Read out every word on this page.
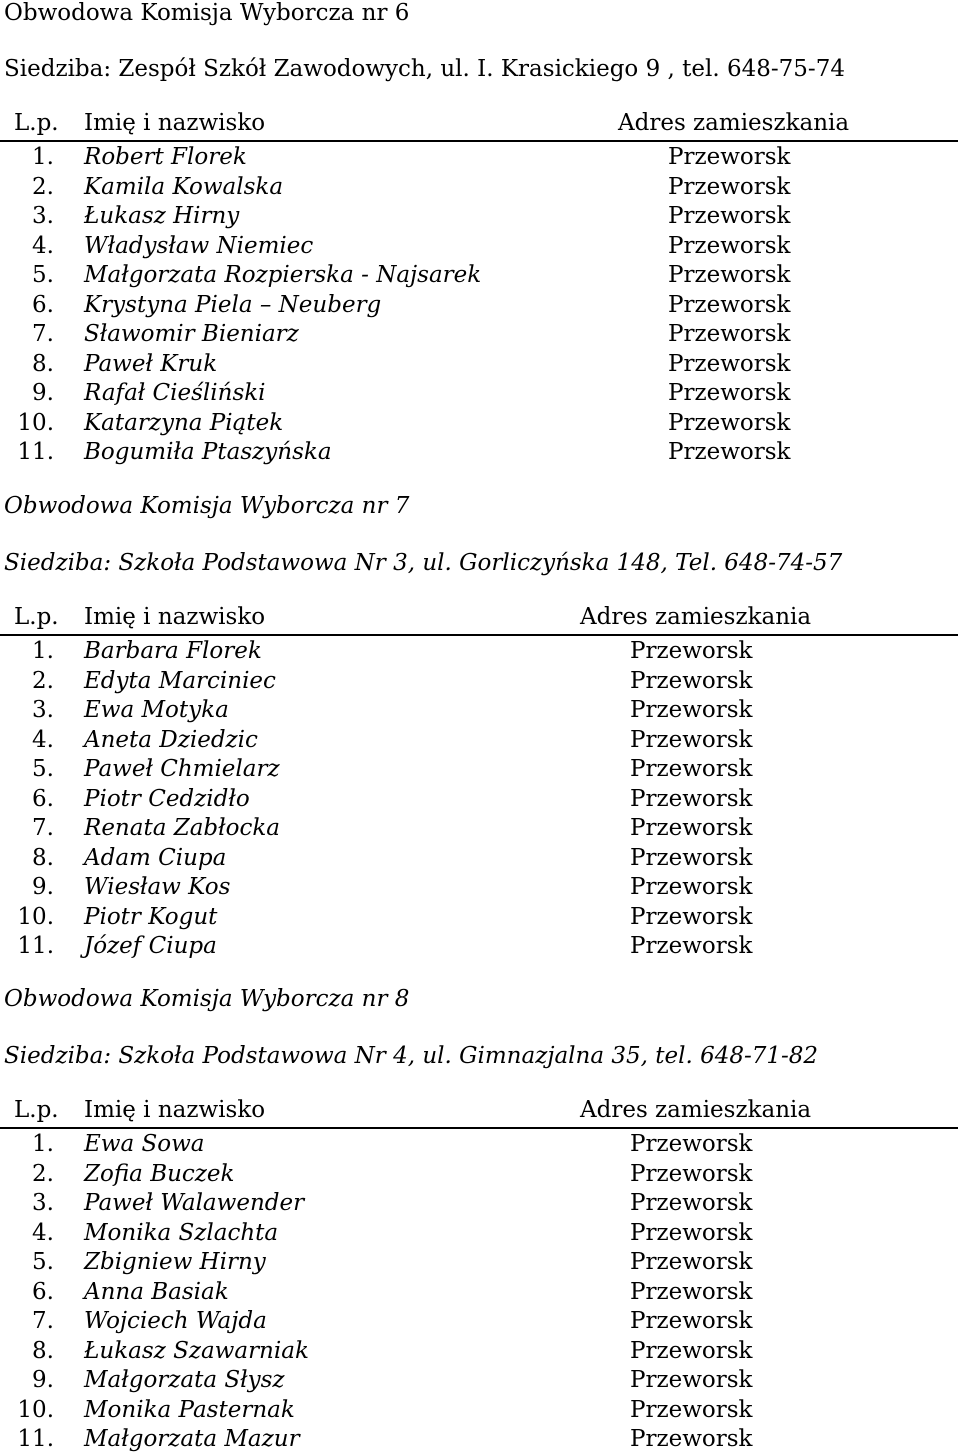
Obwodowa Komisja Wyborcza nr 6
Siedziba: Zespół Szkół Zawodowych, ul. I. Krasickiego 9 , tel. 648-75-74
L.p. Imię i nazwisko	Adres zamieszkania
1. Robert Florek	Przeworsk
2. Kamila Kowalska	Przeworsk
3. Łukasz Hirny	Przeworsk
4. Władysław Niemiec	Przeworsk
5. Małgorzata Rozpierska - Najsarek	Przeworsk
6. Krystyna Piela – Neuberg	Przeworsk
7. Sławomir Bieniarz	Przeworsk
8. Paweł Kruk	Przeworsk
9. Rafał Cieśliński	Przeworsk
10. Katarzyna Piątek	Przeworsk
11. Bogumiła Ptaszyńska	Przeworsk
Obwodowa Komisja Wyborcza nr 7
Siedziba: Szkoła Podstawowa Nr 3, ul. Gorliczyńska 148, Tel. 648-74-57
L.p. Imię i nazwisko	Adres zamieszkania
1. Barbara Florek	Przeworsk
2. Edyta Marciniec	Przeworsk
3. Ewa Motyka	Przeworsk
4. Aneta Dziedzic	Przeworsk
5. Paweł Chmielarz	Przeworsk
6. Piotr Cedzidło	Przeworsk
7. Renata Zabłocka	Przeworsk
8. Adam Ciupa	Przeworsk
9. Wiesław Kos	Przeworsk
10. Piotr Kogut	Przeworsk
11. Józef Ciupa	Przeworsk
Obwodowa Komisja Wyborcza nr 8
Siedziba: Szkoła Podstawowa Nr 4, ul. Gimnazjalna 35, tel. 648-71-82
L.p. Imię i nazwisko	Adres zamieszkania
1. Ewa Sowa	Przeworsk
2. Zofia Buczek	Przeworsk
3. Paweł Walawender	Przeworsk
4. Monika Szlachta	Przeworsk
5. Zbigniew Hirny	Przeworsk
6. Anna Basiak	Przeworsk
7. Wojciech Wajda	Przeworsk
8. Łukasz Szawarniak	Przeworsk
9. Małgorzata Słysz	Przeworsk
10. Monika Pasternak	Przeworsk
11. Małgorzata Mazur	Przeworsk
